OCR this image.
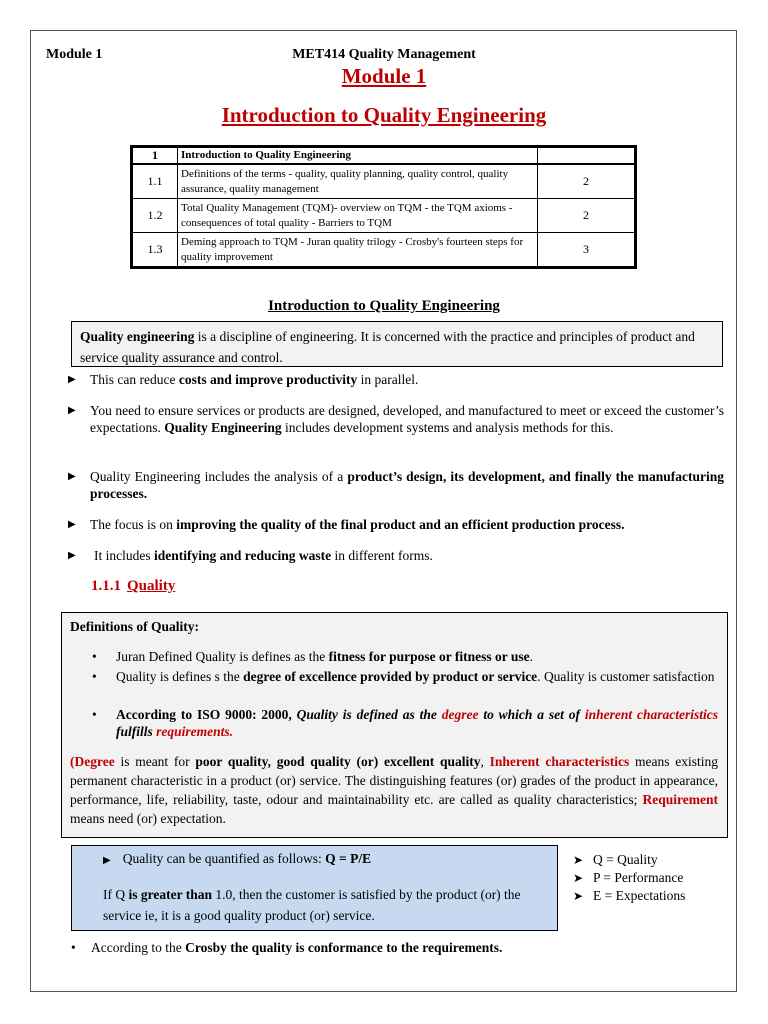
Module 1	MET414 Quality Management
Module 1
Introduction to Quality Engineering
1	Introduction to Quality Engineering	
1.1	Definitions of the terms - quality, quality planning, quality control, quality assurance, quality management	2
1.2	Total Quality Management (TQM)- overview on TQM - the TQM axioms - consequences of total quality - Barriers to TQM	2
1.3	Deming approach to TQM - Juran quality trilogy - Crosby's fourteen steps for quality improvement	3
Introduction to Quality Engineering
Quality engineering is a discipline of engineering. It is concerned with the practice and principles of product and service quality assurance and control.
▶ This can reduce costs and improve productivity in parallel.
▶ You need to ensure services or products are designed, developed, and manufactured to meet or exceed the customer’s expectations. Quality Engineering includes development systems and analysis methods for this.
▶ Quality Engineering includes the analysis of a product’s design, its development, and finally the manufacturing processes.
▶ The focus is on improving the quality of the final product and an efficient production process.
▶ It includes identifying and reducing waste in different forms.
1.1.1 Quality
Definitions of Quality:
• Juran Defined Quality is defines as the fitness for purpose or fitness or use.
• Quality is defines s the degree of excellence provided by product or service. Quality is customer satisfaction
• According to ISO 9000: 2000, Quality is defined as the degree to which a set of inherent characteristics fulfills requirements.
(Degree is meant for poor quality, good quality (or) excellent quality, Inherent characteristics means existing permanent characteristic in a product (or) service. The distinguishing features (or) grades of the product in appearance, performance, life, reliability, taste, odour and maintainability etc. are called as quality characteristics; Requirement means need (or) expectation.
▶ Quality can be quantified as follows: Q = P/E
If Q is greater than 1.0, then the customer is satisfied by the product (or) the service ie, it is a good quality product (or) service.
➤ Q = Quality
➤ P = Performance
➤ E = Expectations
• According to the Crosby the quality is conformance to the requirements.
